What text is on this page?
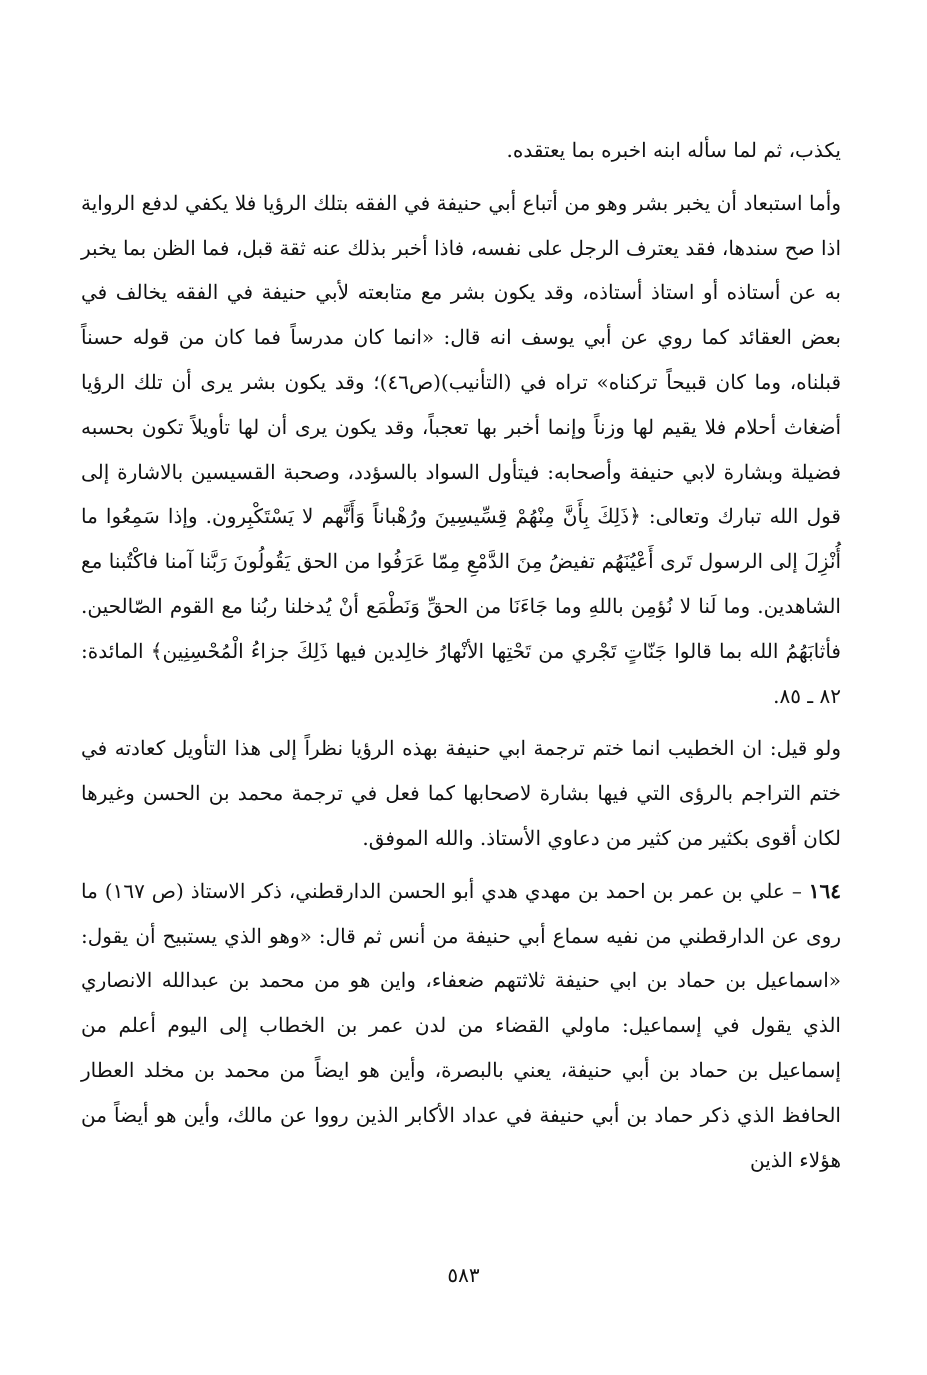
يكذب، ثم لما سأله ابنه اخبره بما يعتقده.

وأما استبعاد أن يخبر بشر وهو من أتباع أبي حنيفة في الفقه بتلك الرؤيا فلا يكفي لدفع الرواية اذا صح سندها، فقد يعترف الرجل على نفسه، فاذا أخبر بذلك عنه ثقة قبل، فما الظن بما يخبر به عن أستاذه أو استاذ أستاذه، وقد يكون بشر مع متابعته لأبي حنيفة في الفقه يخالف في بعض العقائد كما روي عن أبي يوسف انه قال: «انما كان مدرساً فما كان من قوله حسناً قبلناه، وما كان قبيحاً تركناه» تراه في (التأنيب)(ص٤٦)؛ وقد يكون بشر يرى أن تلك الرؤيا أضغاث أحلام فلا يقيم لها وزناً وإنما أخبر بها تعجباً، وقد يكون يرى أن لها تأويلاً تكون بحسبه فضيلة وبشارة لابي حنيفة وأصحابه: فيتأول السواد بالسؤدد، وصحبة القسيسين بالاشارة إلى قول الله تبارك وتعالى: ﴿ذَلِكَ بِأَنَّ مِنْهُمْ قِسِّيسِينَ ورُهْباناً وَأَنَّهم لا يَسْتَكْبِرون. وإذا سَمِعُوا ما أُنْزِلَ إلى الرسول تَرى أَعْيُنَهُم تفيضُ مِنَ الدَّمْعِ مِمّا عَرَفُوا من الحق يَقُولُونَ رَبَّنا آمنا فاكْتُبنا مع الشاهدين. وما لَنا لا نُؤمِن باللهِ وما جَاءَنَا من الحقِّ وَنَطْمَع أنْ يُدخلنا ربُنا مع القوم الصّالحين. فأثابَهُمُ الله بما قالوا جَنّاتٍ تَجْري من تَحْتِها الأنْهارُ خالِدين فيها ذَلِكَ جزاءُ الْمُحْسِنِين﴾ المائدة: ٨٢ ـ ٨٥.

ولو قيل: ان الخطيب انما ختم ترجمة ابي حنيفة بهذه الرؤيا نظراً إلى هذا التأويل كعادته في ختم التراجم بالرؤى التي فيها بشارة لاصحابها كما فعل في ترجمة محمد بن الحسن وغيرها لكان أقوى بكثير من كثير من دعاوي الأستاذ. والله الموفق.

١٦٤ – علي بن عمر بن احمد بن مهدي هدي أبو الحسن الدارقطني، ذكر الاستاذ (ص ١٦٧) ما روى عن الدارقطني من نفيه سماع أبي حنيفة من أنس ثم قال: «وهو الذي يستبيح أن يقول: «اسماعيل بن حماد بن ابي حنيفة ثلاثتهم ضعفاء، واين هو من محمد بن عبدالله الانصاري الذي يقول في إسماعيل: ماولي القضاء من لدن عمر بن الخطاب إلى اليوم أعلم من إسماعيل بن حماد بن أبي حنيفة، يعني بالبصرة، وأين هو ايضاً من محمد بن مخلد العطار الحافظ الذي ذكر حماد بن أبي حنيفة في عداد الأكابر الذين رووا عن مالك، وأين هو أيضاً من هؤلاء الذين

٥٨٣
